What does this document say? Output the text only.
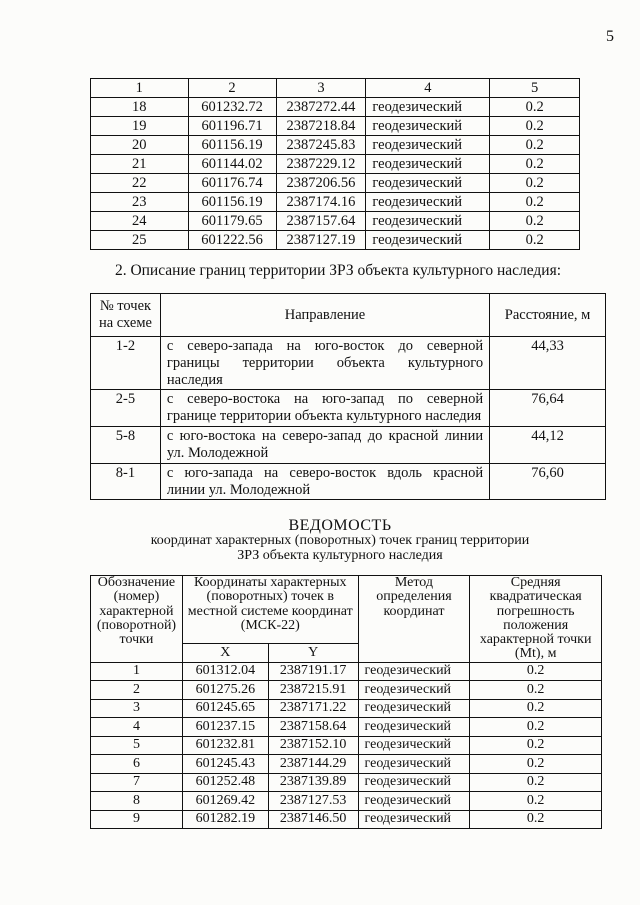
5
1	2	3	4	5
18	601232.72	2387272.44	геодезический	0.2
19	601196.71	2387218.84	геодезический	0.2
20	601156.19	2387245.83	геодезический	0.2
21	601144.02	2387229.12	геодезический	0.2
22	601176.74	2387206.56	геодезический	0.2
23	601156.19	2387174.16	геодезический	0.2
24	601179.65	2387157.64	геодезический	0.2
25	601222.56	2387127.19	геодезический	0.2
2. Описание границ территории ЗРЗ объекта культурного наследия:
№ точек на схеме	Направление	Расстояние, м
1-2	с северо-запада на юго-восток до северной границы территории объекта культурного наследия	44,33
2-5	с северо-востока на юго-запад по северной границе территории объекта культурного наследия	76,64
5-8	с юго-востока на северо-запад до красной линии ул. Молодежной	44,12
8-1	с юго-запада на северо-восток вдоль красной линии ул. Молодежной	76,60
ВЕДОМОСТЬ
координат характерных (поворотных) точек границ территории
ЗРЗ объекта культурного наследия
Обозначение (номер) характерной (поворотной) точки	Координаты характерных (поворотных) точек в местной системе координат (МСК-22)		Метод определения координат	Средняя квадратическая погрешность положения характерной точки (Mt), м
	X	Y		
1	601312.04	2387191.17	геодезический	0.2
2	601275.26	2387215.91	геодезический	0.2
3	601245.65	2387171.22	геодезический	0.2
4	601237.15	2387158.64	геодезический	0.2
5	601232.81	2387152.10	геодезический	0.2
6	601245.43	2387144.29	геодезический	0.2
7	601252.48	2387139.89	геодезический	0.2
8	601269.42	2387127.53	геодезический	0.2
9	601282.19	2387146.50	геодезический	0.2
